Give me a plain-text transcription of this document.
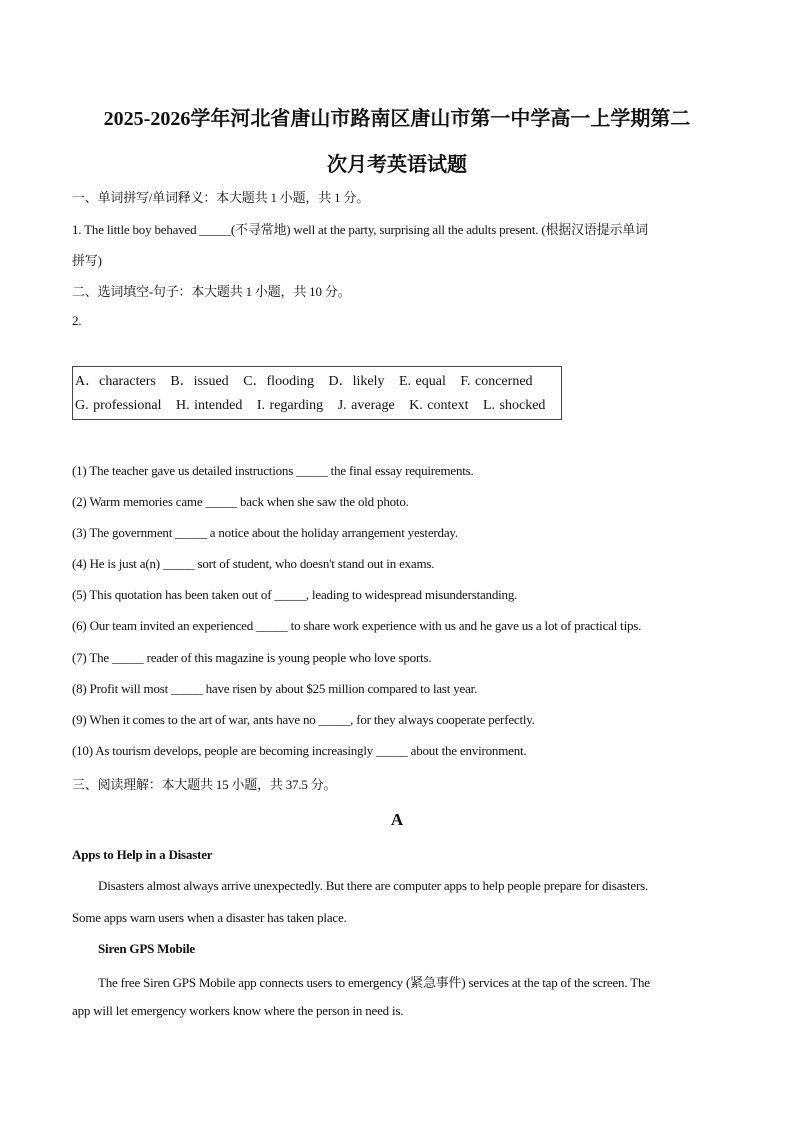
2025-2026学年河北省唐山市路南区唐山市第一中学高一上学期第二
次月考英语试题
一、单词拼写/单词释义：本大题共 1 小题，共 1 分。
1. The little boy behaved _____(不寻常地) well at the party, surprising all the adults present. (根据汉语提示单词
拼写)
二、选词填空-句子：本大题共 1 小题，共 10 分。
2.
A．characters B．issued C．flooding D．likely E. equal F. concerned
G. professional H. intended I. regarding J. average K. context L. shocked
(1) The teacher gave us detailed instructions _____ the final essay requirements.
(2) Warm memories came _____ back when she saw the old photo.
(3) The government _____ a notice about the holiday arrangement yesterday.
(4) He is just a(n) _____ sort of student, who doesn't stand out in exams.
(5) This quotation has been taken out of _____, leading to widespread misunderstanding.
(6) Our team invited an experienced _____ to share work experience with us and he gave us a lot of practical tips.
(7) The _____ reader of this magazine is young people who love sports.
(8) Profit will most _____ have risen by about $25 million compared to last year.
(9) When it comes to the art of war, ants have no _____, for they always cooperate perfectly.
(10) As tourism develops, people are becoming increasingly _____ about the environment.
三、阅读理解：本大题共 15 小题，共 37.5 分。
A
Apps to Help in a Disaster
Disasters almost always arrive unexpectedly. But there are computer apps to help people prepare for disasters.
Some apps warn users when a disaster has taken place.
Siren GPS Mobile
The free Siren GPS Mobile app connects users to emergency (紧急事件) services at the tap of the screen. The
app will let emergency workers know where the person in need is.
